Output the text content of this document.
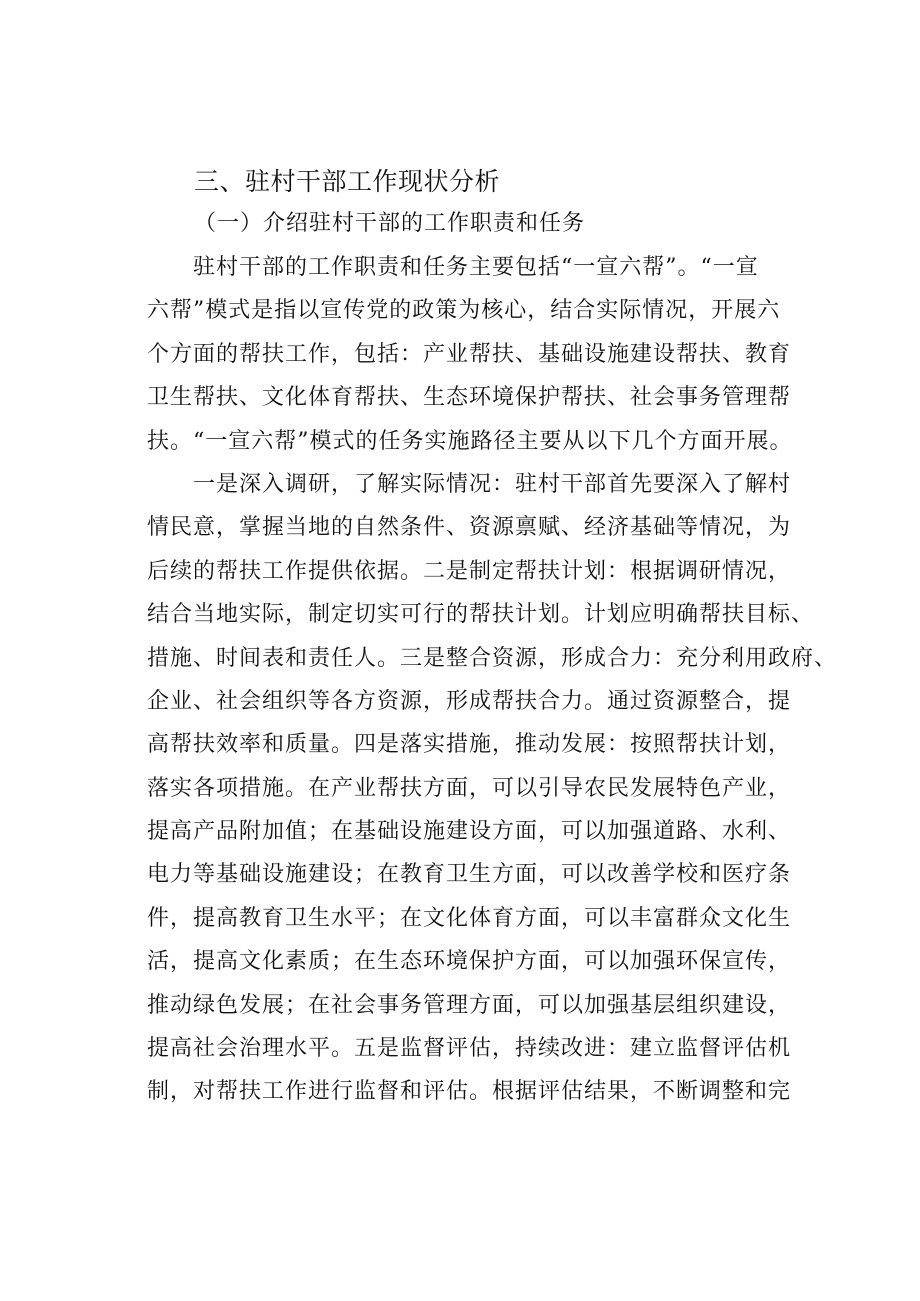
三、驻村干部工作现状分析
（一）介绍驻村干部的工作职责和任务
　　驻村干部的工作职责和任务主要包括“一宣六帮”。“一宣
六帮”模式是指以宣传党的政策为核心，结合实际情况，开展六
个方面的帮扶工作，包括：产业帮扶、基础设施建设帮扶、教育
卫生帮扶、文化体育帮扶、生态环境保护帮扶、社会事务管理帮
扶。“一宣六帮”模式的任务实施路径主要从以下几个方面开展。
　　一是深入调研，了解实际情况：驻村干部首先要深入了解村
情民意，掌握当地的自然条件、资源禀赋、经济基础等情况，为
后续的帮扶工作提供依据。二是制定帮扶计划：根据调研情况，
结合当地实际，制定切实可行的帮扶计划。计划应明确帮扶目标、
措施、时间表和责任人。三是整合资源，形成合力：充分利用政府、
企业、社会组织等各方资源，形成帮扶合力。通过资源整合，提
高帮扶效率和质量。四是落实措施，推动发展：按照帮扶计划，
落实各项措施。在产业帮扶方面，可以引导农民发展特色产业，
提高产品附加值；在基础设施建设方面，可以加强道路、水利、
电力等基础设施建设；在教育卫生方面，可以改善学校和医疗条
件，提高教育卫生水平；在文化体育方面，可以丰富群众文化生
活，提高文化素质；在生态环境保护方面，可以加强环保宣传，
推动绿色发展；在社会事务管理方面，可以加强基层组织建设，
提高社会治理水平。五是监督评估，持续改进：建立监督评估机
制，对帮扶工作进行监督和评估。根据评估结果，不断调整和完
